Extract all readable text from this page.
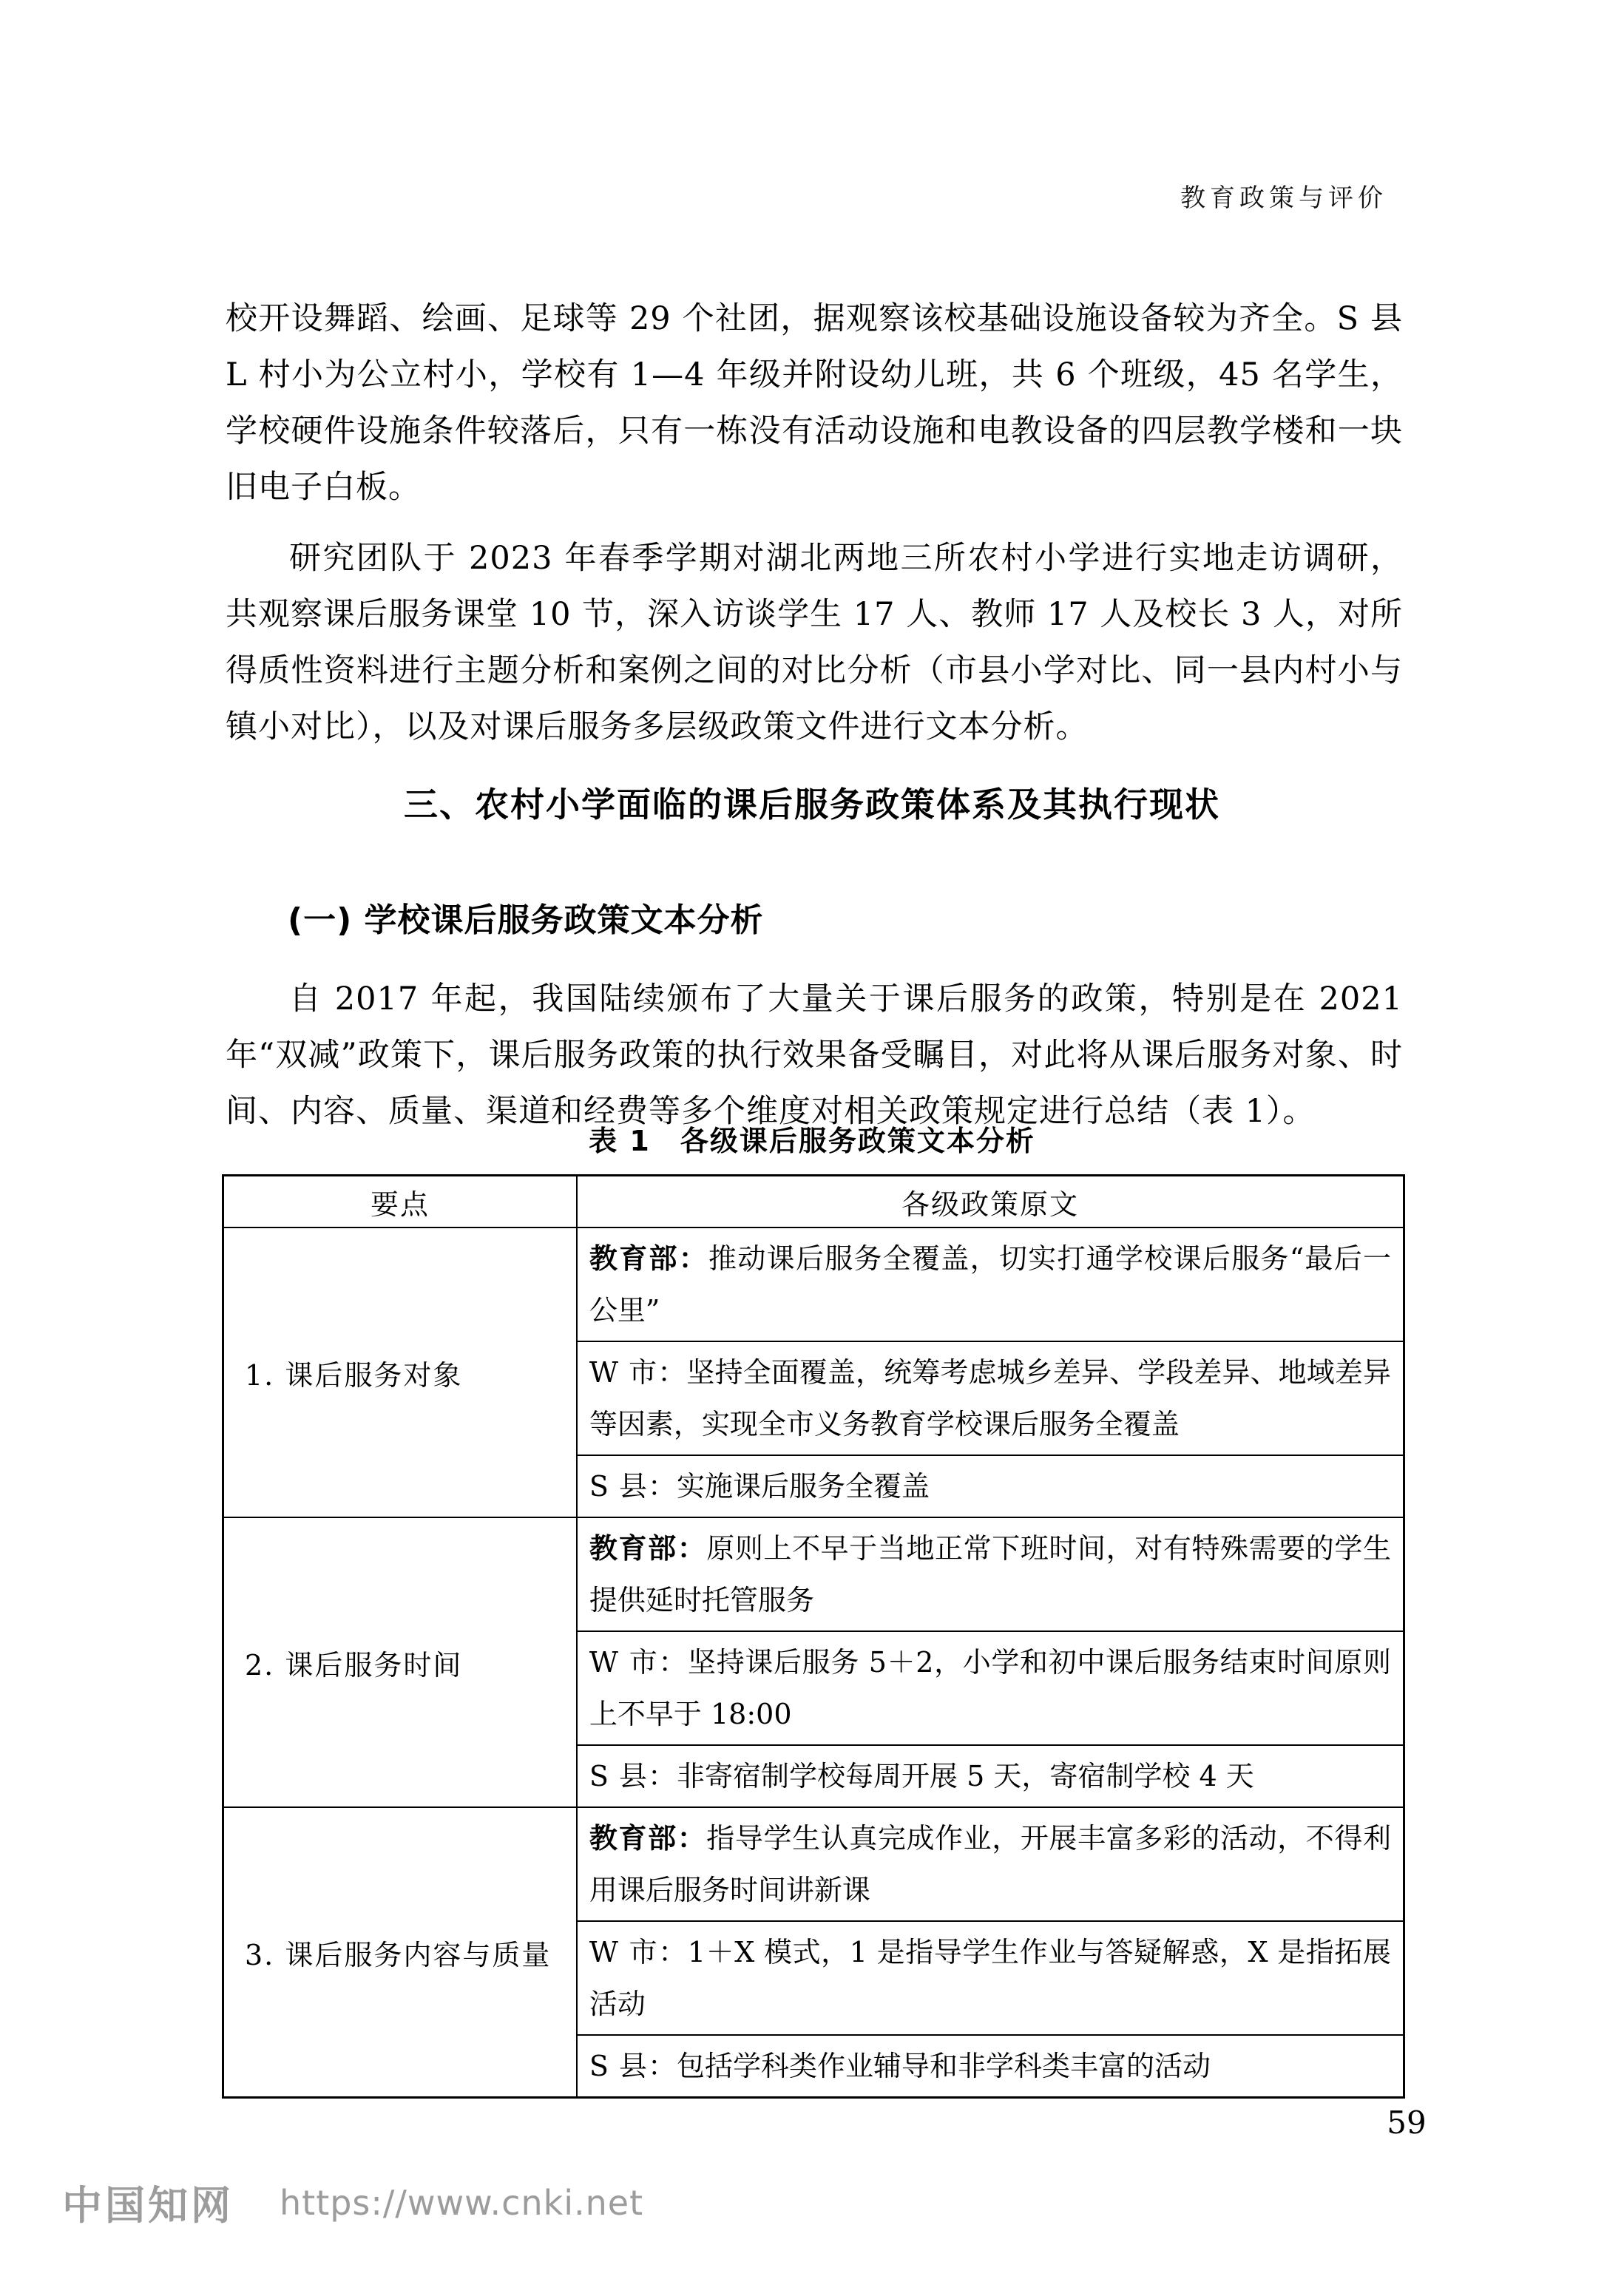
教育政策与评价

校开设舞蹈、绘画、足球等 29 个社团，据观察该校基础设施设备较为齐全。S 县 L 村小为公立村小，学校有 1—4 年级并附设幼儿班，共 6 个班级，45 名学生，学校硬件设施条件较落后，只有一栋没有活动设施和电教设备的四层教学楼和一块旧电子白板。

研究团队于 2023 年春季学期对湖北两地三所农村小学进行实地走访调研，共观察课后服务课堂 10 节，深入访谈学生 17 人、教师 17 人及校长 3 人，对所得质性资料进行主题分析和案例之间的对比分析（市县小学对比、同一县内村小与镇小对比），以及对课后服务多层级政策文件进行文本分析。

三、农村小学面临的课后服务政策体系及其执行现状
(一) 学校课后服务政策文本分析

自 2017 年起，我国陆续颁布了大量关于课后服务的政策，特别是在 2021 年“双减”政策下，课后服务政策的执行效果备受瞩目，对此将从课后服务对象、时间、内容、质量、渠道和经费等多个维度对相关政策规定进行总结（表 1）。

表 1　各级课后服务政策文本分析
要点	各级政策原文
1. 课后服务对象	教育部：推动课后服务全覆盖，切实打通学校课后服务“最后一公里”
	W 市：坚持全面覆盖，统筹考虑城乡差异、学段差异、地域差异等因素，实现全市义务教育学校课后服务全覆盖
	S 县：实施课后服务全覆盖
2. 课后服务时间	教育部：原则上不早于当地正常下班时间，对有特殊需要的学生提供延时托管服务
	W 市：坚持课后服务 5＋2，小学和初中课后服务结束时间原则上不早于 18:00
	S 县：非寄宿制学校每周开展 5 天，寄宿制学校 4 天
3. 课后服务内容与质量	教育部：指导学生认真完成作业，开展丰富多彩的活动，不得利用课后服务时间讲新课
	W 市：1＋X 模式，1 是指导学生作业与答疑解惑，X 是指拓展活动
	S 县：包括学科类作业辅导和非学科类丰富的活动
59
中国知网 https://www.cnki.net
